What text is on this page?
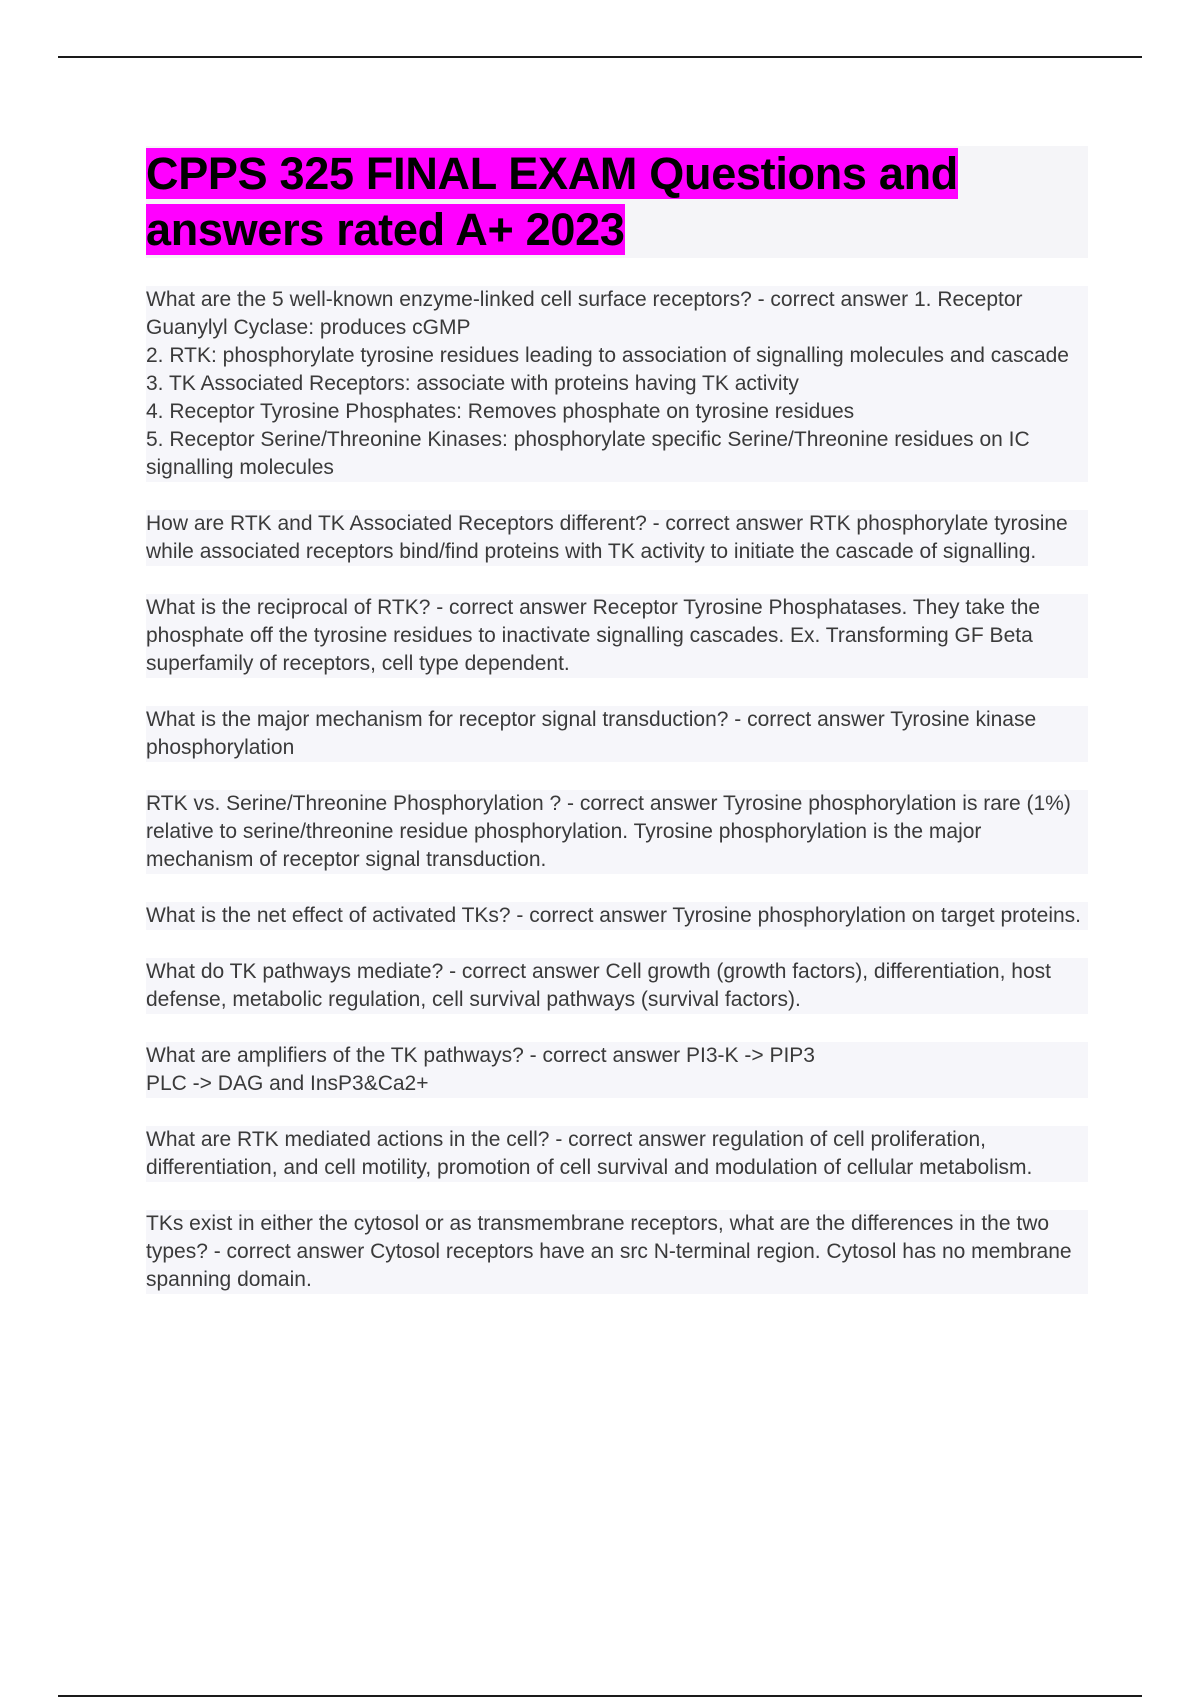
CPPS 325 FINAL EXAM Questions and answers rated A+ 2023

What are the 5 well-known enzyme-linked cell surface receptors? - correct answer 1. Receptor Guanylyl Cyclase: produces cGMP
2. RTK: phosphorylate tyrosine residues leading to association of signalling molecules and cascade
3. TK Associated Receptors: associate with proteins having TK activity
4. Receptor Tyrosine Phosphates: Removes phosphate on tyrosine residues
5. Receptor Serine/Threonine Kinases: phosphorylate specific Serine/Threonine residues on IC signalling molecules

How are RTK and TK Associated Receptors different? - correct answer RTK phosphorylate tyrosine while associated receptors bind/find proteins with TK activity to initiate the cascade of signalling.

What is the reciprocal of RTK? - correct answer Receptor Tyrosine Phosphatases. They take the phosphate off the tyrosine residues to inactivate signalling cascades. Ex. Transforming GF Beta superfamily of receptors, cell type dependent.

What is the major mechanism for receptor signal transduction? - correct answer Tyrosine kinase phosphorylation

RTK vs. Serine/Threonine Phosphorylation ? - correct answer Tyrosine phosphorylation is rare (1%) relative to serine/threonine residue phosphorylation. Tyrosine phosphorylation is the major mechanism of receptor signal transduction.

What is the net effect of activated TKs? - correct answer Tyrosine phosphorylation on target proteins.

What do TK pathways mediate? - correct answer Cell growth (growth factors), differentiation, host defense, metabolic regulation, cell survival pathways (survival factors).

What are amplifiers of the TK pathways? - correct answer PI3-K -> PIP3
PLC -> DAG and InsP3&Ca2+

What are RTK mediated actions in the cell? - correct answer regulation of cell proliferation, differentiation, and cell motility, promotion of cell survival and modulation of cellular metabolism.

TKs exist in either the cytosol or as transmembrane receptors, what are the differences in the two types? - correct answer Cytosol receptors have an src N-terminal region. Cytosol has no membrane spanning domain.
